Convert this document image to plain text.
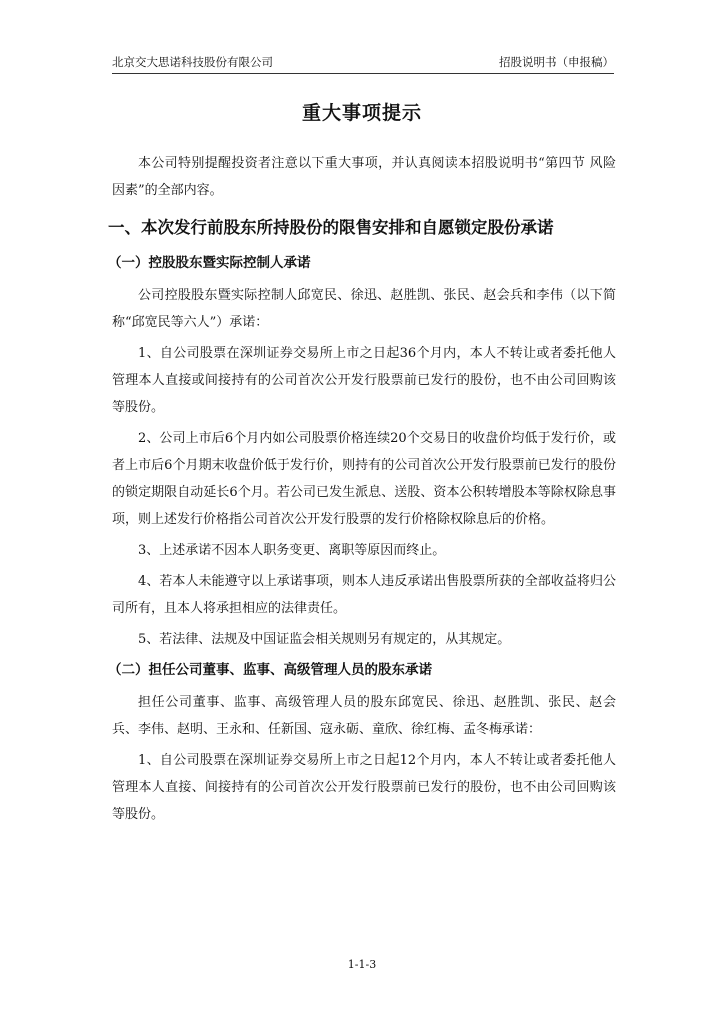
北京交大思诺科技股份有限公司	招股说明书（申报稿）
重大事项提示

本公司特别提醒投资者注意以下重大事项，并认真阅读本招股说明书“第四节 风险因素”的全部内容。

一、本次发行前股东所持股份的限售安排和自愿锁定股份承诺
（一）控股股东暨实际控制人承诺

公司控股股东暨实际控制人邱宽民、徐迅、赵胜凯、张民、赵会兵和李伟（以下简称“邱宽民等六人”）承诺：

1、自公司股票在深圳证券交易所上市之日起36个月内，本人不转让或者委托他人管理本人直接或间接持有的公司首次公开发行股票前已发行的股份，也不由公司回购该等股份。

2、公司上市后6个月内如公司股票价格连续20个交易日的收盘价均低于发行价，或者上市后6个月期末收盘价低于发行价，则持有的公司首次公开发行股票前已发行的股份的锁定期限自动延长6个月。若公司已发生派息、送股、资本公积转增股本等除权除息事项，则上述发行价格指公司首次公开发行股票的发行价格除权除息后的价格。

3、上述承诺不因本人职务变更、离职等原因而终止。

4、若本人未能遵守以上承诺事项，则本人违反承诺出售股票所获的全部收益将归公司所有，且本人将承担相应的法律责任。

5、若法律、法规及中国证监会相关规则另有规定的，从其规定。

（二）担任公司董事、监事、高级管理人员的股东承诺

担任公司董事、监事、高级管理人员的股东邱宽民、徐迅、赵胜凯、张民、赵会兵、李伟、赵明、王永和、任新国、寇永砺、童欣、徐红梅、孟冬梅承诺：

1、自公司股票在深圳证券交易所上市之日起12个月内，本人不转让或者委托他人管理本人直接、间接持有的公司首次公开发行股票前已发行的股份，也不由公司回购该等股份。

1-1-3
